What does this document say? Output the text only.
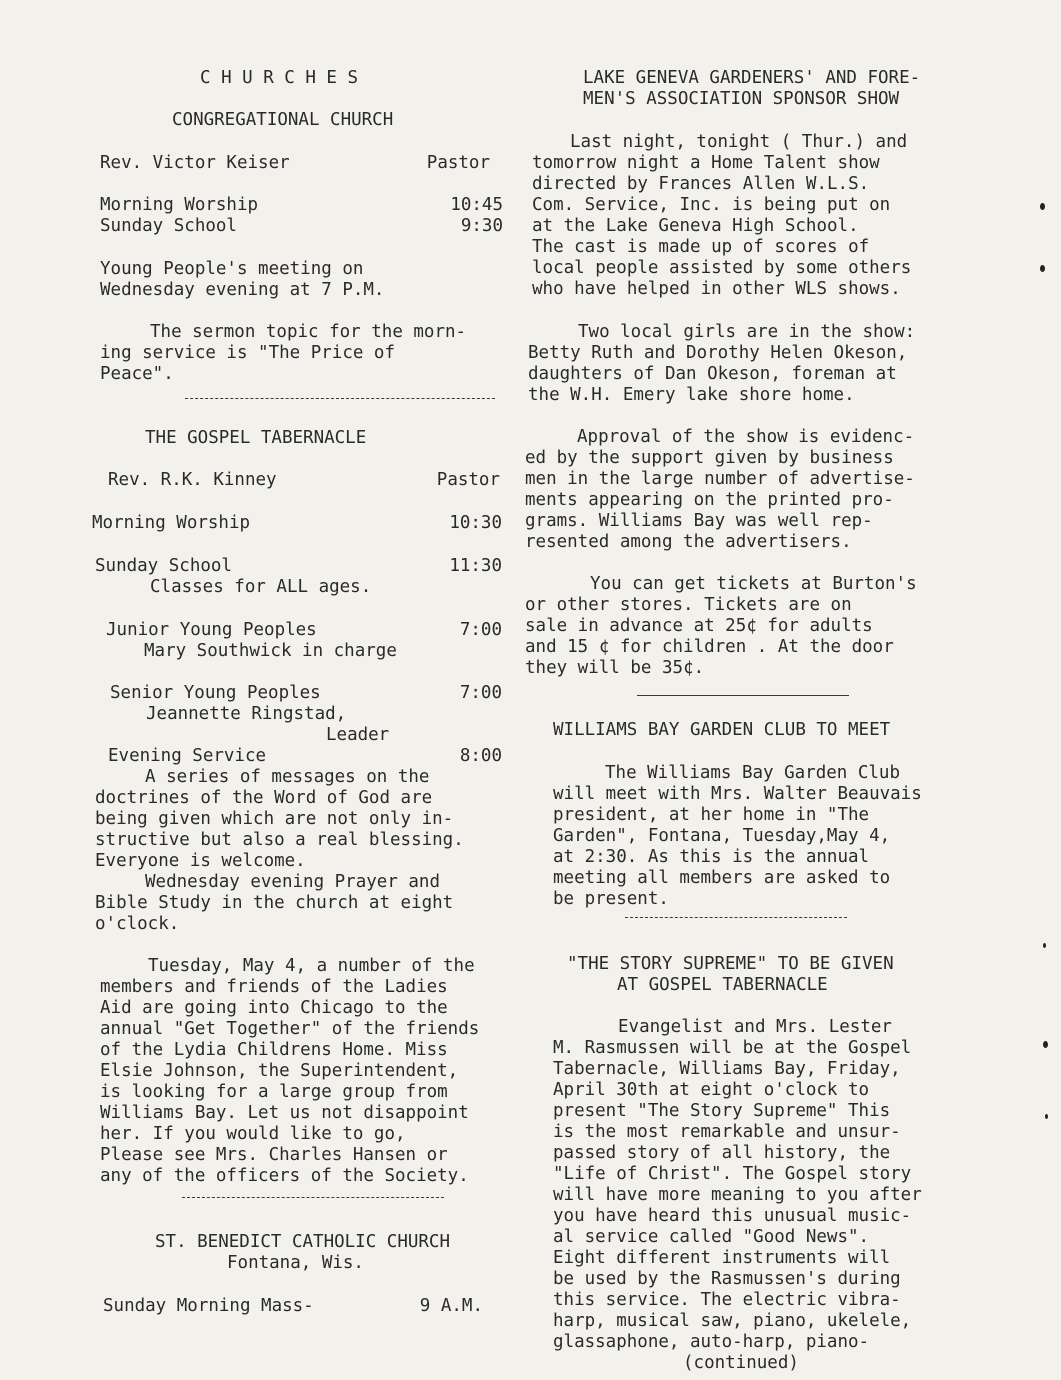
C H U R C H E S
CONGREGATIONAL CHURCH
Rev. Victor Keiser	Pastor
Morning Worship	10:45
Sunday School	9:30
Young People's meeting on
Wednesday evening at 7 P.M.
The sermon topic for the morn-
ing service is "The Price of
Peace".
THE GOSPEL TABERNACLE
Rev. R.K. Kinney	Pastor
Morning Worship	10:30
Sunday School	11:30
Classes for ALL ages.
Junior Young Peoples	7:00
Mary Southwick in charge
Senior Young Peoples	7:00
Jeannette Ringstad,
Leader
Evening Service	8:00
A series of messages on the
doctrines of the Word of God are
being given which are not only in-
structive but also a real blessing.
Everyone is welcome.
Wednesday evening Prayer and
Bible Study in the church at eight
o'clock.
Tuesday, May 4, a number of the
members and friends of the Ladies
Aid are going into Chicago to the
annual "Get Together" of the friends
of the Lydia Childrens Home. Miss
Elsie Johnson, the Superintendent,
is looking for a large group from
Williams Bay. Let us not disappoint
her. If you would like to go,
Please see Mrs. Charles Hansen or
any of the officers of the Society.
ST. BENEDICT CATHOLIC CHURCH
Fontana, Wis.
Sunday Morning Mass-	9 A.M.
LAKE GENEVA GARDENERS' AND FORE-
MEN'S ASSOCIATION SPONSOR SHOW
Last night, tonight ( Thur.) and
tomorrow night a Home Talent show
directed by Frances Allen W.L.S.
Com. Service, Inc. is being put on
at the Lake Geneva High School.
The cast is made up of scores of
local people assisted by some others
who have helped in other WLS shows.
Two local girls are in the show:
Betty Ruth and Dorothy Helen Okeson,
daughters of Dan Okeson, foreman at
the W.H. Emery lake shore home.
Approval of the show is evidenc-
ed by the support given by business
men in the large number of advertise-
ments appearing on the printed pro-
grams. Williams Bay was well rep-
resented among the advertisers.
You can get tickets at Burton's
or other stores. Tickets are on
sale in advance at 25¢ for adults
and 15 ¢ for children . At the door
they will be 35¢.
WILLIAMS BAY GARDEN CLUB TO MEET
The Williams Bay Garden Club
will meet with Mrs. Walter Beauvais
president, at her home in "The
Garden", Fontana, Tuesday,May 4,
at 2:30. As this is the annual
meeting all members are asked to
be present.
"THE STORY SUPREME" TO BE GIVEN
AT GOSPEL TABERNACLE
Evangelist and Mrs. Lester
M. Rasmussen will be at the Gospel
Tabernacle, Williams Bay, Friday,
April 30th at eight o'clock to
present "The Story Supreme" This
is the most remarkable and unsur-
passed story of all history, the
"Life of Christ". The Gospel story
will have more meaning to you after
you have heard this unusual music-
al service called "Good News".
Eight different instruments will
be used by the Rasmussen's during
this service. The electric vibra-
harp, musical saw, piano, ukelele,
glassaphone, auto-harp, piano-
(continued)
